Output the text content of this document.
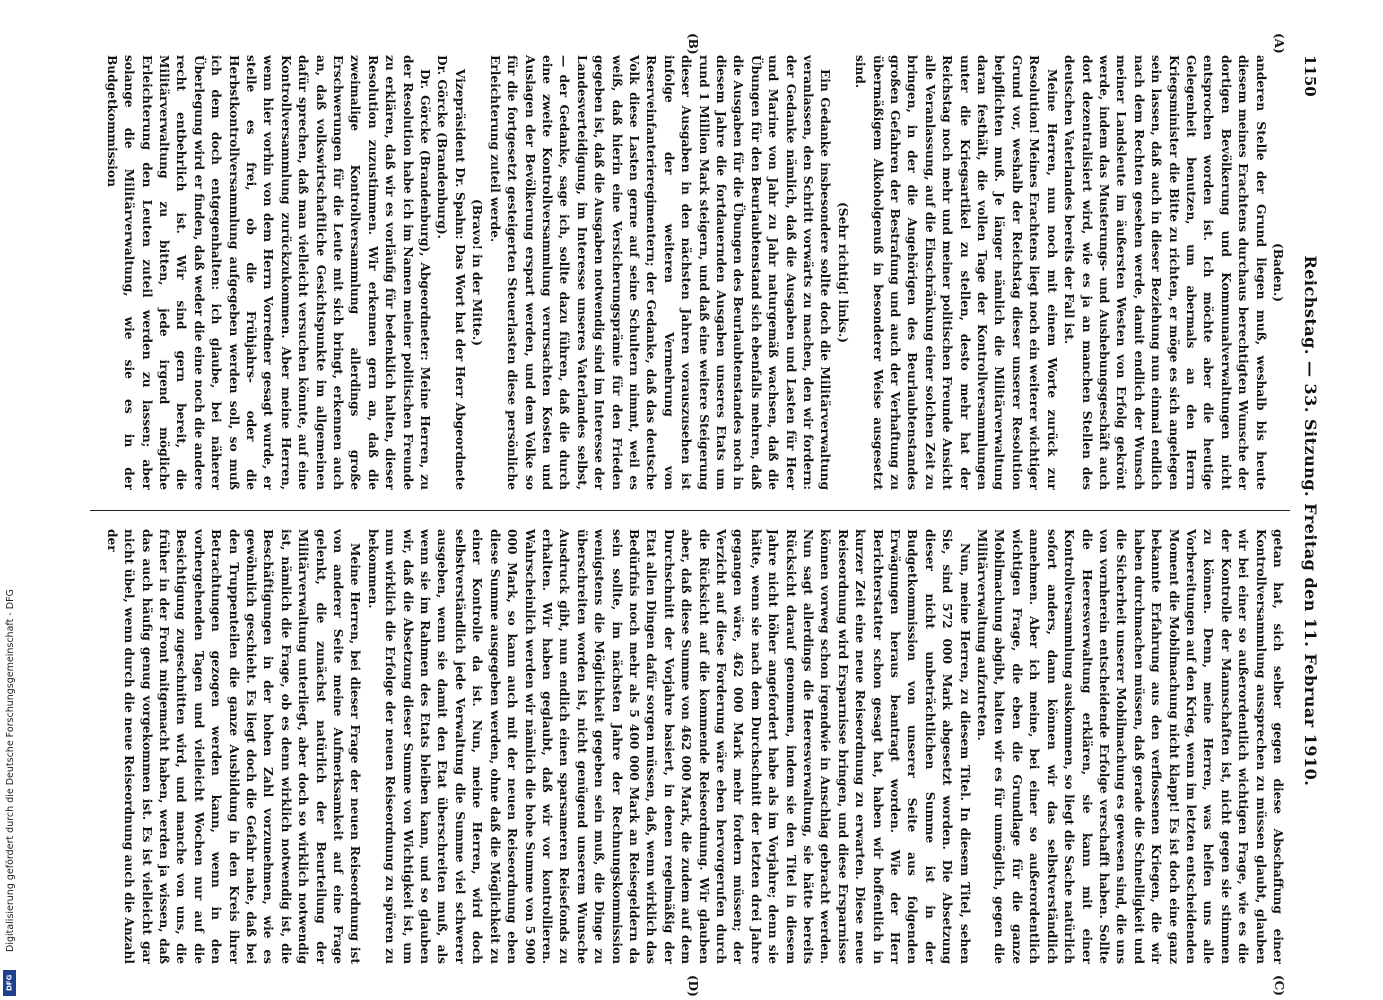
1150
Reichstag. — 33. Sitzung. Freitag den 11. Februar 1910.
(A)
(B)
(C)
(D)

(Baden.)

anderen Stelle der Grund liegen muß, weshalb bis heute diesem meines Erachtens durchaus berechtigten Wunsche der dortigen Bevölkerung und Kommunalverwaltungen nicht entsprochen worden ist. Ich möchte aber die heutige Gelegenheit benutzen, um abermals an den Herrn Kriegsminister die Bitte zu richten, er möge es sich angelegen sein lassen, daß auch in dieser Beziehung nun einmal endlich nach dem Rechten gesehen werde, damit endlich der Wunsch meiner Landsleute im äußersten Westen von Erfolg gekrönt werde, indem das Musterungs- und Aushebungsgeschäft auch dort dezentralisiert wird, wie es ja an manchen Stellen des deutschen Vaterlandes bereits der Fall ist.

Meine Herren, nun noch mit einem Worte zurück zur Resolution! Meines Erachtens liegt noch ein weiterer wichtiger Grund vor, weshalb der Reichstag dieser unserer Resolution beipflichten muß. Je länger nämlich die Militärverwaltung daran festhält, die vollen Tage der Kontrollversammlungen unter die Kriegsartikel zu stellen, desto mehr hat der Reichstag noch mehr und meiner politischen Freunde Ansicht alle Veranlassung, auf die Einschränkung einer solchen Zeit zu bringen, in der die Angehörigen des Beurlaubtenstandes großen Gefahren der Bestrafung und auch der Verhaftung zu übermäßigem Alkoholgenuß in besonderer Weise ausgesetzt sind.

(Sehr richtig! links.)

Ein Gedanke insbesondere sollte doch die Militärverwaltung veranlassen, den Schritt vorwärts zu machen, den wir fordern: der Gedanke nämlich, daß die Ausgaben und Lasten für Heer und Marine von Jahr zu Jahr naturgemäß wachsen, daß die Übungen für den Beurlaubtenstand sich ebenfalls mehren, daß die Ausgaben für die Übungen des Beurlaubtenstandes noch in diesem Jahre die fortdauernden Ausgaben unseres Etats um rund 1 Million Mark steigern, und daß eine weitere Steigerung dieser Ausgaben in den nächsten Jahren vorauszusehen ist infolge der weiteren Vermehrung von Reserveinfanterieregimentern; der Gedanke, daß das deutsche Volk diese Lasten gerne auf seine Schultern nimmt, weil es weiß, daß hierin eine Versicherungsprämie für den Frieden gegeben ist, daß die Ausgaben notwendig sind im Interesse der Landesverteidigung, im Interesse unseres Vaterlandes selbst, — der Gedanke, sage ich, sollte dazu führen, daß die durch eine zweite Kontrollversammlung verursachten Kosten und Auslagen der Bevölkerung erspart werden, und dem Volke so für die fortgesetzt gesteigerten Steuerlasten diese persönliche Erleichterung zuteil werde.

(Bravo! in der Mitte.)

Vizepräsident Dr. Spahn: Das Wort hat der Herr Abgeordnete Dr. Görcke (Brandenburg).

Dr. Görcke (Brandenburg), Abgeordneter: Meine Herren, zu der Resolution habe ich im Namen meiner politischen Freunde zu erklären, daß wir es vorläufig für bedenklich halten, dieser Resolution zuzustimmen. Wir erkennen gern an, daß die zweimalige Kontrollversammlung allerdings große Erschwerungen für die Leute mit sich bringt, erkennen auch an, daß volkswirtschaftliche Gesichtspunkte im allgemeinen dafür sprechen, daß man vielleicht versuchen könnte, auf eine Kontrollversammlung zurückzukommen. Aber meine Herren, wenn hier vorhin von dem Herrn Vorredner gesagt wurde, er stelle es frei, ob die Frühjahrs- oder die Herbstkontrollversammlung aufgegeben werden soll, so muß ich dem doch entgegenhalten: ich glaube, bei näherer Überlegung wird er finden, daß weder die eine noch die andere recht entbehrlich ist. Wir sind gern bereit, die Militärverwaltung zu bitten, jede irgend mögliche Erleichterung den Leuten zuteil werden zu lassen; aber solange die Militärverwaltung, wie sie es in der Budgetkommission

getan hat, sich selber gegen diese Abschaffung einer Kontrollversammlung aussprechen zu müssen glaubt, glauben wir bei einer so außerordentlich wichtigen Frage, wie es die der Kontrolle der Mannschaften ist, nicht gegen sie stimmen zu können. Denn, meine Herren, was helfen uns alle Vorbereitungen auf den Krieg, wenn im letzten entscheidenden Moment die Mobilmachung nicht klappt! Es ist doch eine ganz bekannte Erfahrung aus den verflossenen Kriegen, die wir haben durchmachen müssen, daß gerade die Schnelligkeit und die Sicherheit unserer Mobilmachung es gewesen sind, die uns von vornherein entscheidende Erfolge verschafft haben. Sollte die Heeresverwaltung erklären, sie kann mit einer Kontrollversammlung auskommen, so liegt die Sache natürlich sofort anders, dann können wir das selbstverständlich annehmen. Aber ich meine, bei einer so außerordentlich wichtigen Frage, die eben die Grundlage für die ganze Mobilmachung abgibt, halten wir es für unmöglich, gegen die Militärverwaltung aufzutreten.

Nun, meine Herren, zu diesem Titel. In diesem Titel, sehen Sie, sind 572 000 Mark abgesetzt worden. Die Absetzung dieser nicht unbeträchtlichen Summe ist in der Budgetkommission von unserer Seite aus folgenden Erwägungen heraus beantragt worden. Wie der Herr Berichterstatter schon gesagt hat, haben wir hoffentlich in kurzer Zeit eine neue Reiseordnung zu erwarten. Diese neue Reiseordnung wird Ersparnisse bringen, und diese Ersparnisse können vorweg schon irgendwie in Anschlag gebracht werden. Nun sagt allerdings die Heeresverwaltung, sie hätte bereits Rücksicht darauf genommen, indem sie den Titel in diesem Jahre nicht höher angefordert habe als im Vorjahre; denn sie hätte, wenn sie nach dem Durchschnitt der letzten drei Jahre gegangen wäre, 462 000 Mark mehr fordern müssen; der Verzicht auf diese Forderung wäre eben hervorgerufen durch die Rücksicht auf die kommende Reiseordnung. Wir glauben aber, daß diese Summe von 462 000 Mark, die zudem auf dem Durchschnitt der Vorjahre basiert, in denen regelmäßig der Etat allen Dingen dafür sorgen müssen, daß, wenn wirklich das Bedürfnis noch mehr als 5 400 000 Mark an Reisegeldern da sein sollte, im nächsten Jahre der Rechnungskommission wenigstens die Möglichkeit gegeben sein muß, die Dinge zu überschreiten worden ist, nicht genügend unserem Wunsche Ausdruck gibt, nun endlich einen sparsameren Reisefonds zu erhalten. Wir haben geglaubt, daß wir vor kontrollieren. Wahrscheinlich werden wir nämlich die hohe Summe von 5 900 000 Mark, so kann auch mit der neuen Reiseordnung eben diese Summe ausgegeben werden, ohne daß die Möglichkeit zu einer Kontrolle da ist. Nun, meine Herren, wird doch selbstverständlich jede Verwaltung die Summe viel schwerer ausgeben, wenn sie damit den Etat überschreiten muß, als wenn sie im Rahmen des Etats bleiben kann, und so glauben wir, daß die Absetzung dieser Summe von Wichtigkeit ist, um nun wirklich die Erfolge der neuen Reiseordnung zu spüren zu bekommen.

Meine Herren, bei dieser Frage der neuen Reiseordnung ist von anderer Seite meine Aufmerksamkeit auf eine Frage gelenkt, die zunächst natürlich der Beurteilung der Militärverwaltung unterliegt, aber doch so wirklich notwendig ist, nämlich die Frage, ob es denn wirklich notwendig ist, die Beschäftigungen in der hohen Zahl vorzunehmen, wie es gewöhnlich geschieht. Es liegt doch die Gefahr nahe, daß bei den Truppenteilen die ganze Ausbildung in den Kreis ihrer Betrachtungen gezogen werden kann, wenn in den vorhergehenden Tagen und vielleicht Wochen nur auf die Besichtigung zugeschnitten wird, und manche von uns, die früher in der Front mitgemacht haben, werden ja wissen, daß das auch häufig genug vorgekommen ist. Es ist vielleicht gar nicht übel, wenn durch die neue Reiseordnung auch die Anzahl der

Digitalisierung gefördert durch die Deutsche Forschungsgemeinschaft - DFG
DFG
